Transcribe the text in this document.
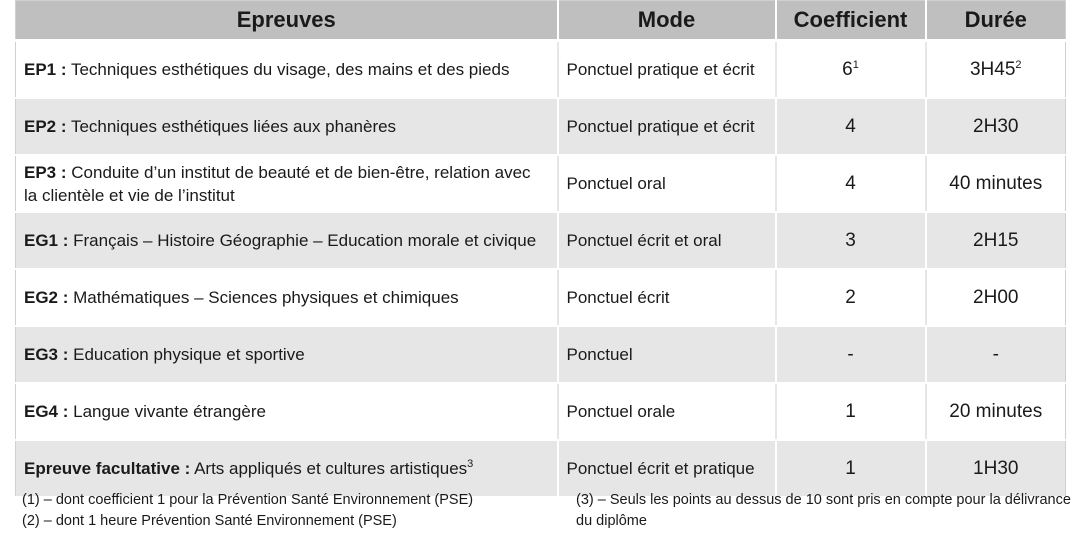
Epreuves	Mode	Coefficient	Durée
EP1 : Techniques esthétiques du visage, des mains et des pieds	Ponctuel pratique et écrit	$6^1$	$3H45^2$
EP2 : Techniques esthétiques liées aux phanères	Ponctuel pratique et écrit	4	2H30
EP3 : Conduite d’un institut de beauté et de bien-être, relation avec la clientèle et vie de l’institut	Ponctuel oral	4	40 minutes
EG1 : Français – Histoire Géographie – Education morale et civique	Ponctuel écrit et oral	3	2H15
EG2 : Mathématiques – Sciences physiques et chimiques	Ponctuel écrit	2	2H00
EG3 : Education physique et sportive	Ponctuel	-	-
EG4 : Langue vivante étrangère	Ponctuel orale	1	20 minutes
Epreuve facultative : Arts appliqués et cultures artistiques$^3$	Ponctuel écrit et pratique	1	1H30
(1) – dont coefficient 1 pour la Prévention Santé Environnement (PSE)
(2) – dont 1 heure Prévention Santé Environnement (PSE)
(3) – Seuls les points au dessus de 10 sont pris en compte pour la délivrance du diplôme
